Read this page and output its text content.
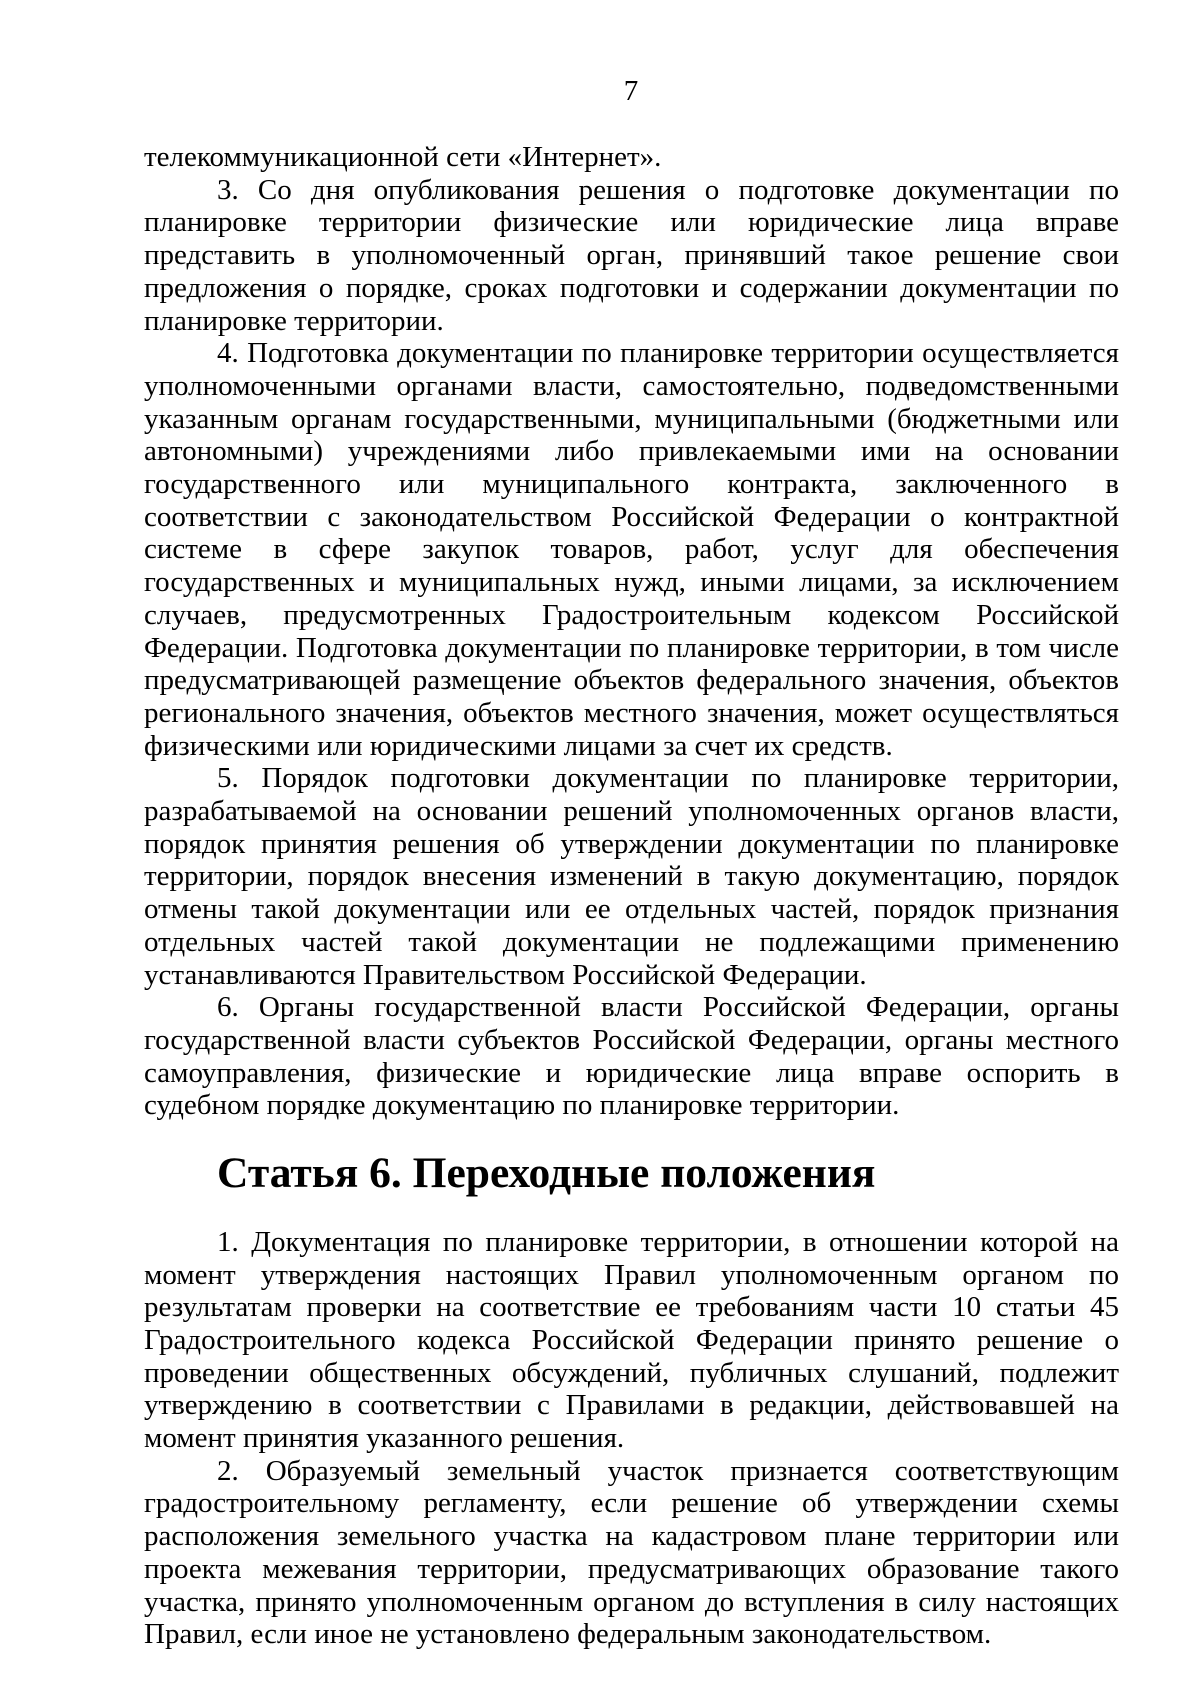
7

телекоммуникационной сети «Интернет».

3. Со дня опубликования решения о подготовке документации по планировке территории физические или юридические лица вправе представить в уполномоченный орган, принявший такое решение свои предложения о порядке, сроках подготовки и содержании документации по планировке территории.

4. Подготовка документации по планировке территории осуществляется уполномоченными органами власти, самостоятельно, подведомственными указанным органам государственными, муниципальными (бюджетными или автономными) учреждениями либо привлекаемыми ими на основании государственного или муниципального контракта, заключенного в соответствии с законодательством Российской Федерации о контрактной системе в сфере закупок товаров, работ, услуг для обеспечения государственных и муниципальных нужд, иными лицами, за исключением случаев, предусмотренных Градостроительным кодексом Российской Федерации. Подготовка документации по планировке территории, в том числе предусматривающей размещение объектов федерального значения, объектов регионального значения, объектов местного значения, может осуществляться физическими или юридическими лицами за счет их средств.

5. Порядок подготовки документации по планировке территории, разрабатываемой на основании решений уполномоченных органов власти, порядок принятия решения об утверждении документации по планировке территории, порядок внесения изменений в такую документацию, порядок отмены такой документации или ее отдельных частей, порядок признания отдельных частей такой документации не подлежащими применению устанавливаются Правительством Российской Федерации.

6. Органы государственной власти Российской Федерации, органы государственной власти субъектов Российской Федерации, органы местного самоуправления, физические и юридические лица вправе оспорить в судебном порядке документацию по планировке территории.

Статья 6. Переходные положения

1. Документация по планировке территории, в отношении которой на момент утверждения настоящих Правил уполномоченным органом по результатам проверки на соответствие ее требованиям части 10 статьи 45 Градостроительного кодекса Российской Федерации принято решение о проведении общественных обсуждений, публичных слушаний, подлежит утверждению в соответствии с Правилами в редакции, действовавшей на момент принятия указанного решения.

2. Образуемый земельный участок признается соответствующим градостроительному регламенту, если решение об утверждении схемы расположения земельного участка на кадастровом плане территории или проекта межевания территории, предусматривающих образование такого участка, принято уполномоченным органом до вступления в силу настоящих Правил, если иное не установлено федеральным законодательством.
